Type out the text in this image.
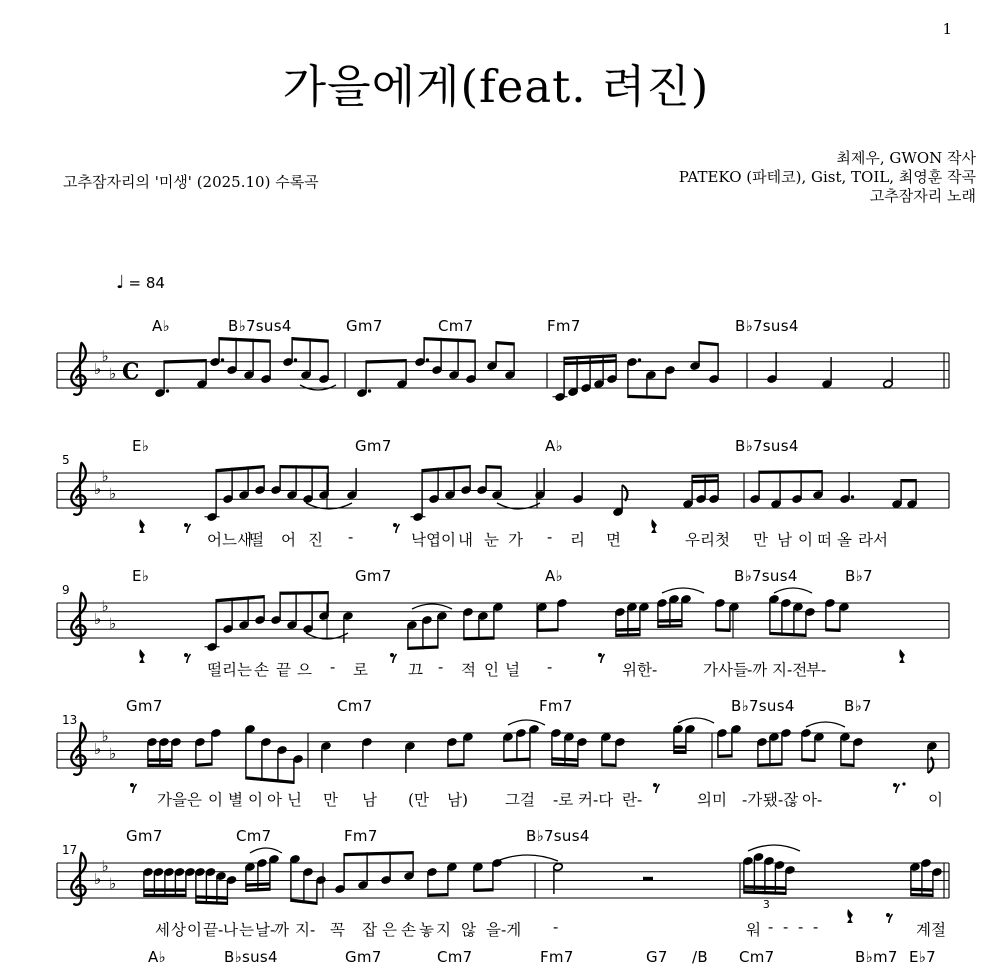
1
가을에게(feat. 려진)
고추잠자리의 '미생' (2025.10) 수록곡
최제우, GWON 작사
PATEKO (파테코), Gist, TOIL, 최영훈 작곡
고추잠자리 노래
♩ = 84
♭
♭
♭ C
A♭	B♭7sus4	Gm7	Cm7	Fm7	B♭7sus4
♭
♭
♭
5
E♭	Gm7	A♭	B♭7sus4
어느새
떨 어 진 -	낙엽이 내 눈 가 - 리 면	우리첫 만 남 이 떠 올 라서
♭
♭
♭
9
E♭	Gm7	A♭	B♭7sus4	B♭7
떨리는 손 끝 으 - 로	끄 - 적 인 널 -	위한-	가사들 -까 지-전
부-
♭
♭
♭
13
Gm7	Cm7	Fm7	B♭7sus4	B♭7
가을은 이 별 이 아 닌 만 남 (만 남) 그걸 -로 커-다 란-	의미 -가 됐-잖 아-	이
♭
♭
♭
3
17
Gm7	Cm7	Fm7	B♭7sus4
세 상 이 끝- 나 는 날-
까 지- 꼭 잡 은 손 놓 지 않 을-게 -	워 - - - -	계절
A♭	B♭sus4	Gm7	Cm7	Fm7	G7 /B Cm7	B♭m7 E♭7
